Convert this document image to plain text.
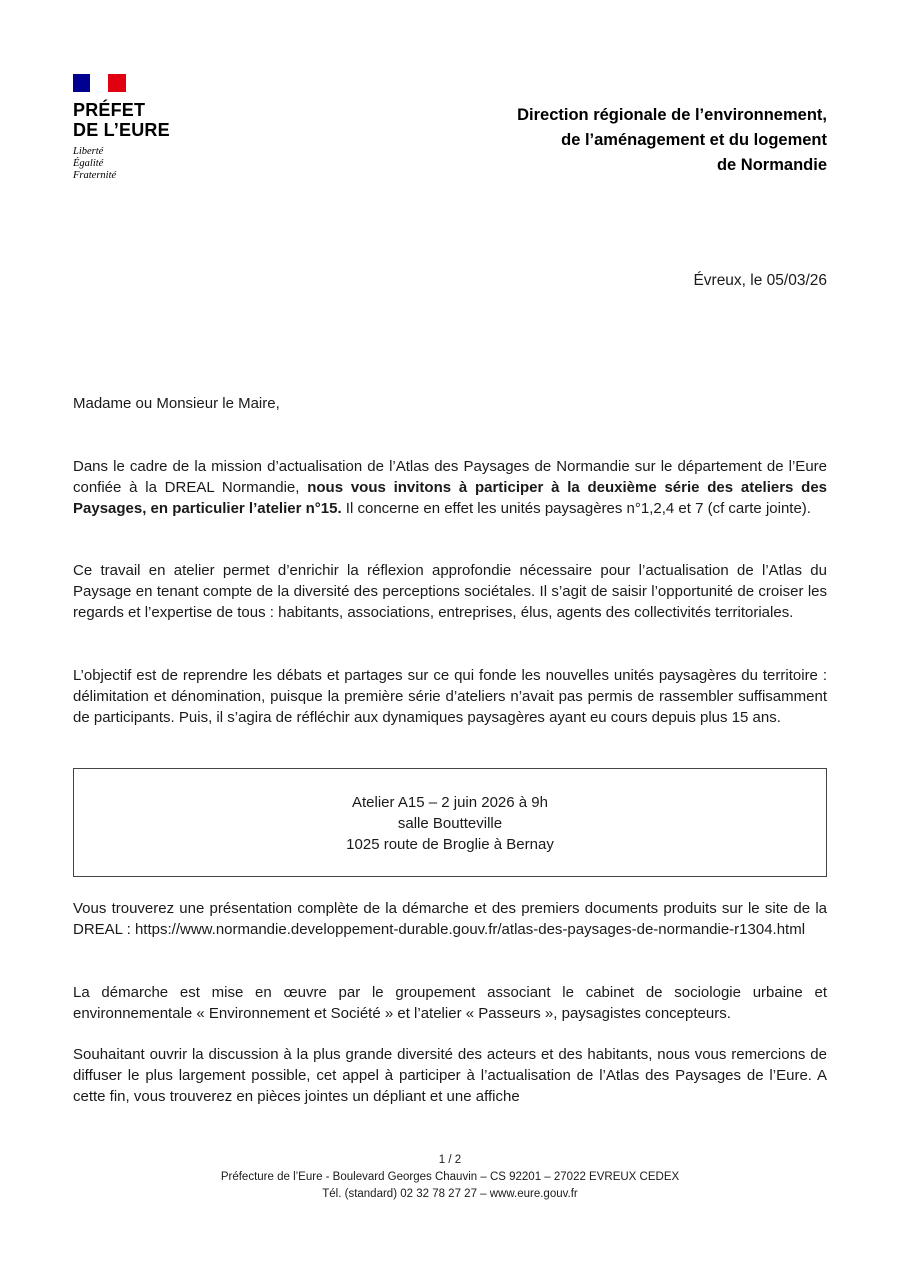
PRÉFET
DE L’EURE
Liberté
Égalité
Fraternité
Direction régionale de l’environnement,
de l’aménagement et du logement
de Normandie
Évreux, le 05/03/26
Madame ou Monsieur le Maire,

Dans le cadre de la mission d’actualisation de l’Atlas des Paysages de Normandie sur le département de l’Eure confiée à la DREAL Normandie, nous vous invitons à participer à la deuxième série des ateliers des Paysages, en particulier l’atelier n°15. Il concerne en effet les unités paysagères n°1,2,4 et 7 (cf carte jointe).

Ce travail en atelier permet d’enrichir la réflexion approfondie nécessaire pour l’actualisation de l’Atlas du Paysage en tenant compte de la diversité des perceptions sociétales. Il s’agit de saisir l’opportunité de croiser les regards et l’expertise de tous : habitants, associations, entreprises, élus, agents des collectivités territoriales.

L’objectif est de reprendre les débats et partages sur ce qui fonde les nouvelles unités paysagères du territoire : délimitation et dénomination, puisque la première série d’ateliers n’avait pas permis de rassembler suffisamment de participants. Puis, il s’agira de réfléchir aux dynamiques paysagères ayant eu cours depuis plus 15 ans.

Atelier A15 – 2 juin 2026 à 9h
salle Boutteville
1025 route de Broglie à Bernay

Vous trouverez une présentation complète de la démarche et des premiers documents produits sur le site de la DREAL : https://www.normandie.developpement-durable.gouv.fr/atlas-des-paysages-de-normandie-r1304.html

La démarche est mise en œuvre par le groupement associant le cabinet de sociologie urbaine et environnementale « Environnement et Société » et l’atelier « Passeurs », paysagistes concepteurs.

Souhaitant ouvrir la discussion à la plus grande diversité des acteurs et des habitants, nous vous remercions de diffuser le plus largement possible, cet appel à participer à l’actualisation de l’Atlas des Paysages de l’Eure. A cette fin, vous trouverez en pièces jointes un dépliant et une affiche

1 / 2
Préfecture de l’Eure - Boulevard Georges Chauvin – CS 92201 – 27022 EVREUX CEDEX
Tél. (standard) 02 32 78 27 27 – www.eure.gouv.fr
